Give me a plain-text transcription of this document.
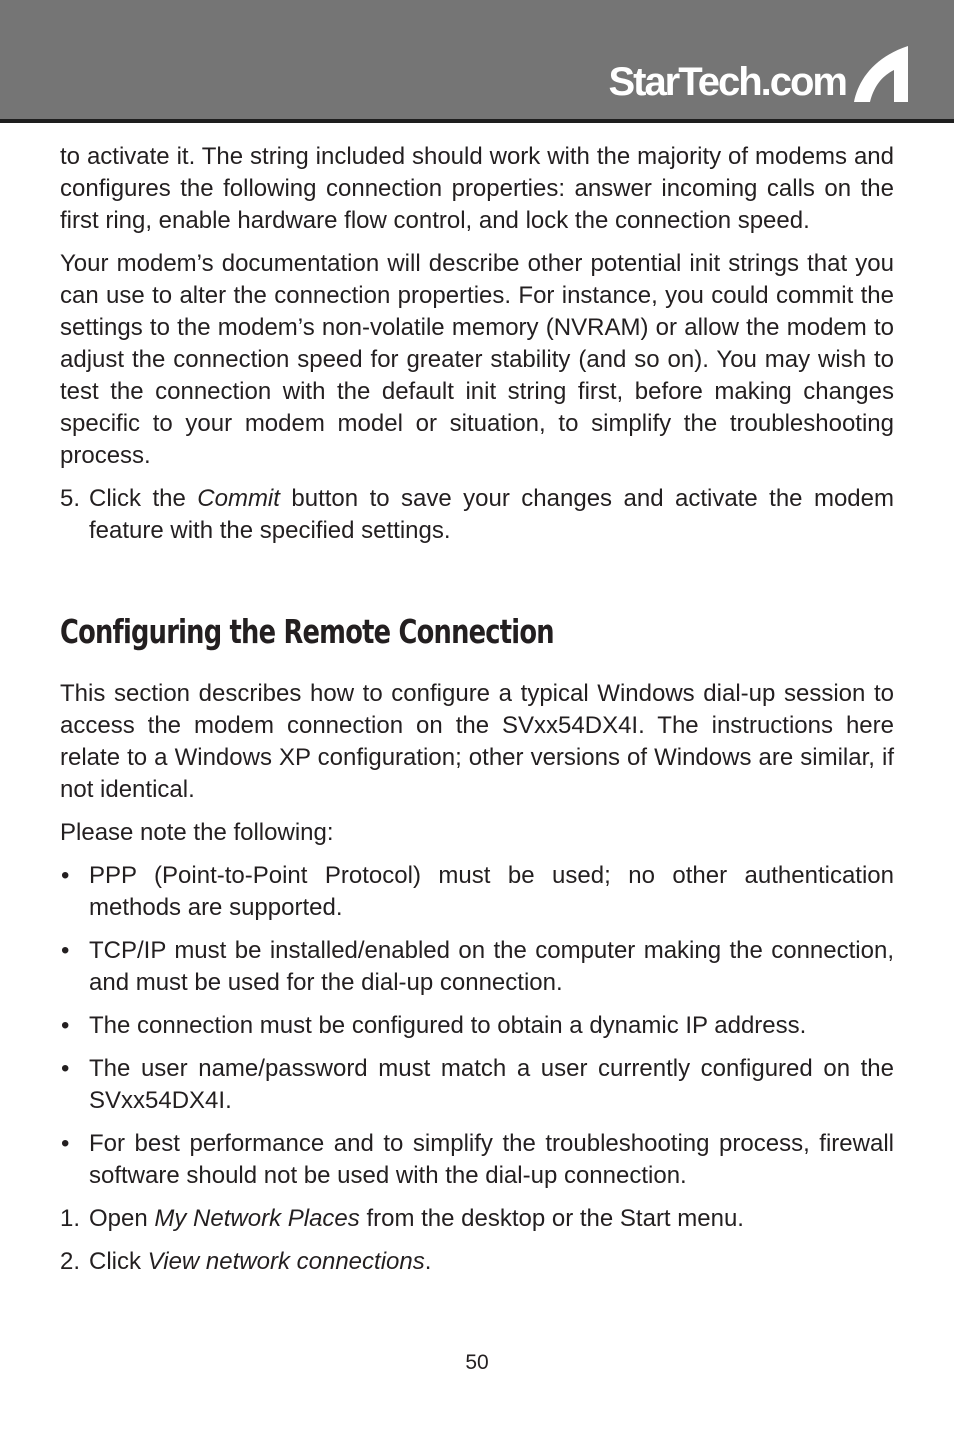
StarTech.com

to activate it. The string included should work with the majority of modems and configures the following connection properties: answer incoming calls on the first ring, enable hardware flow control, and lock the connection speed.

Your modem’s documentation will describe other potential init strings that you can use to alter the connection properties. For instance, you could commit the settings to the modem’s non-volatile memory (NVRAM) or allow the modem to adjust the connection speed for greater stability (and so on). You may wish to test the connection with the default init string first, before making changes specific to your modem model or situation, to simplify the troubleshooting process.

5. Click the Commit button to save your changes and activate the modem feature with the specified settings.
Configuring the Remote Connection

This section describes how to configure a typical Windows dial-up session to access the modem connection on the SVxx54DX4I. The instructions here relate to a Windows XP configuration; other versions of Windows are similar, if not identical.

Please note the following:

• PPP (Point-to-Point Protocol) must be used; no other authentication methods are supported.
• TCP/IP must be installed/enabled on the computer making the connection, and must be used for the dial-up connection.
• The connection must be configured to obtain a dynamic IP address.
• The user name/password must match a user currently configured on the SVxx54DX4I.
• For best performance and to simplify the troubleshooting process, firewall software should not be used with the dial-up connection.
1. Open My Network Places from the desktop or the Start menu.
2. Click View network connections.
50
